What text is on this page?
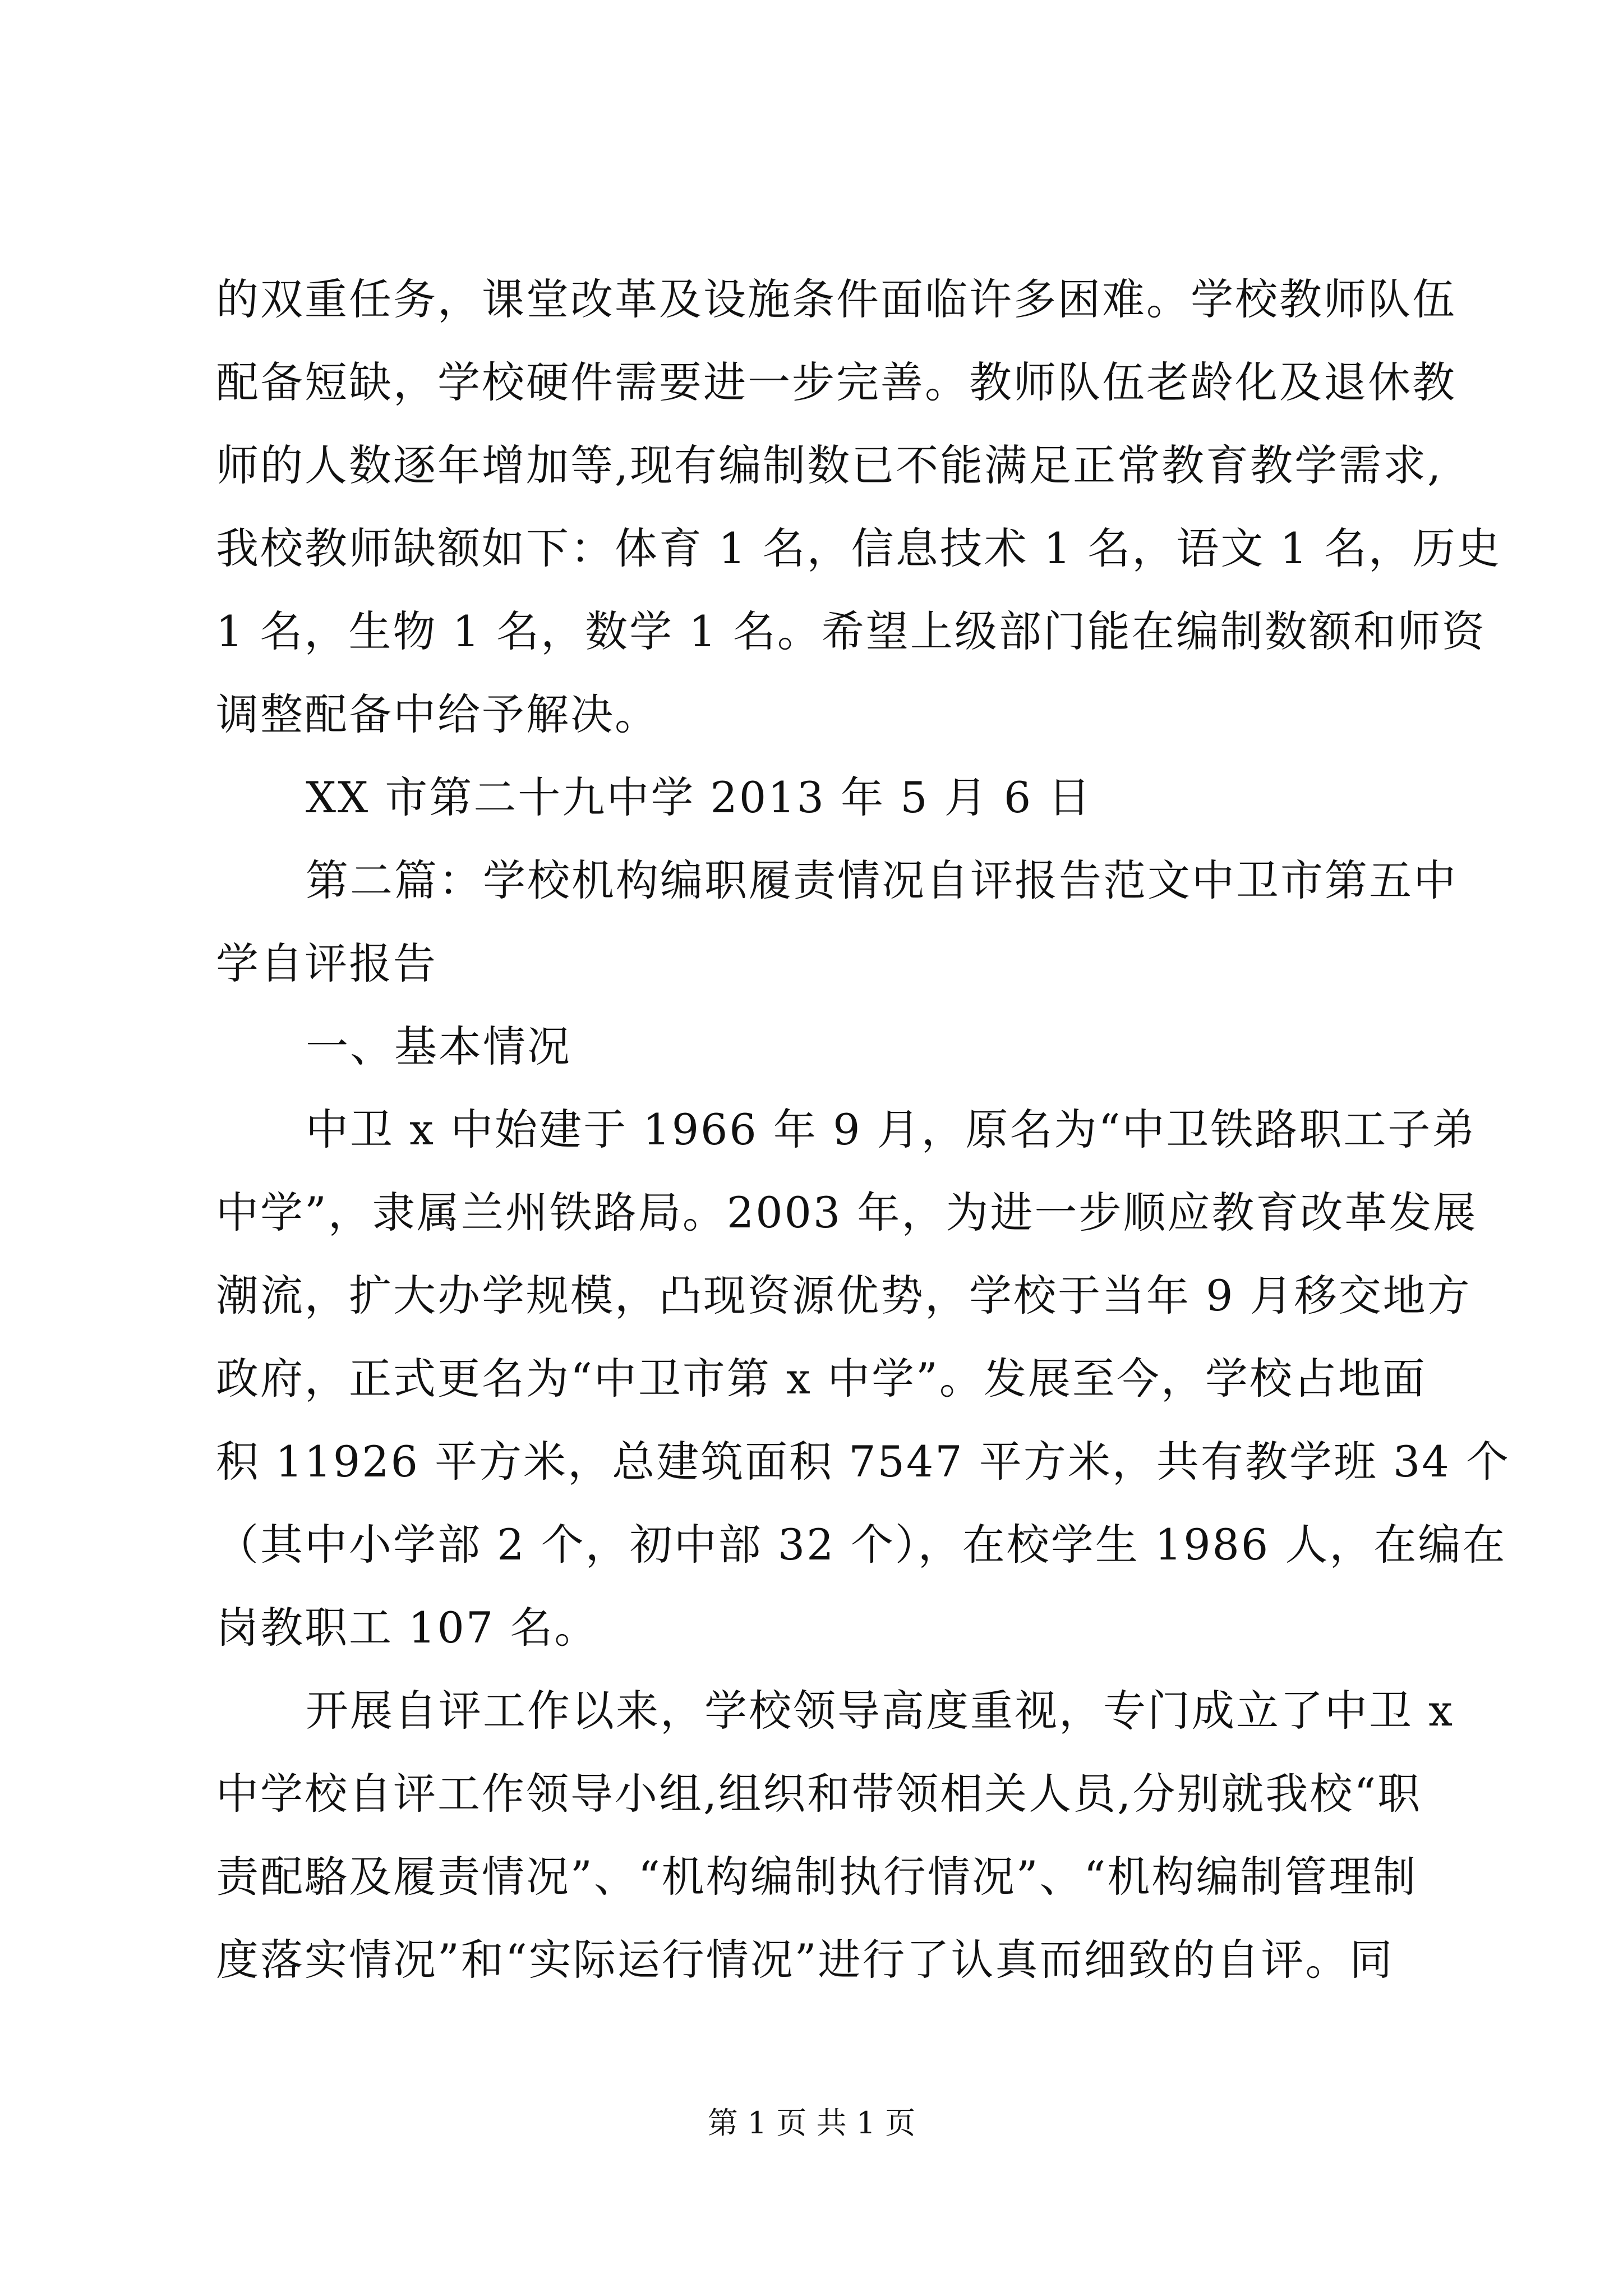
的双重任务，课堂改革及设施条件面临许多困难。学校教师队伍
配备短缺，学校硬件需要进一步完善。教师队伍老龄化及退休教
师的人数逐年增加等,现有编制数已不能满足正常教育教学需求,
我校教师缺额如下：体育 1 名，信息技术 1 名，语文 1 名，历史
1 名，生物 1 名，数学 1 名。希望上级部门能在编制数额和师资
调整配备中给予解决。
XX 市第二十九中学 2013 年 5 月 6 日
第二篇：学校机构编职履责情况自评报告范文中卫市第五中
学自评报告
一、基本情况
中卫 x 中始建于 1966 年 9 月，原名为“中卫铁路职工子弟
中学”，隶属兰州铁路局。2003 年，为进一步顺应教育改革发展
潮流，扩大办学规模，凸现资源优势，学校于当年 9 月移交地方
政府，正式更名为“中卫市第 x 中学”。发展至今，学校占地面
积 11926 平方米，总建筑面积 7547 平方米，共有教学班 34 个
（其中小学部 2 个，初中部 32 个），在校学生 1986 人，在编在
岗教职工 107 名。
开展自评工作以来，学校领导高度重视，专门成立了中卫 x
中学校自评工作领导小组,组织和带领相关人员,分别就我校“职
责配駱及履责情况”、“机构编制执行情况”、“机构编制管理制
度落实情况”和“实际运行情况”进行了认真而细致的自评。同
第 1 页 共 1 页
